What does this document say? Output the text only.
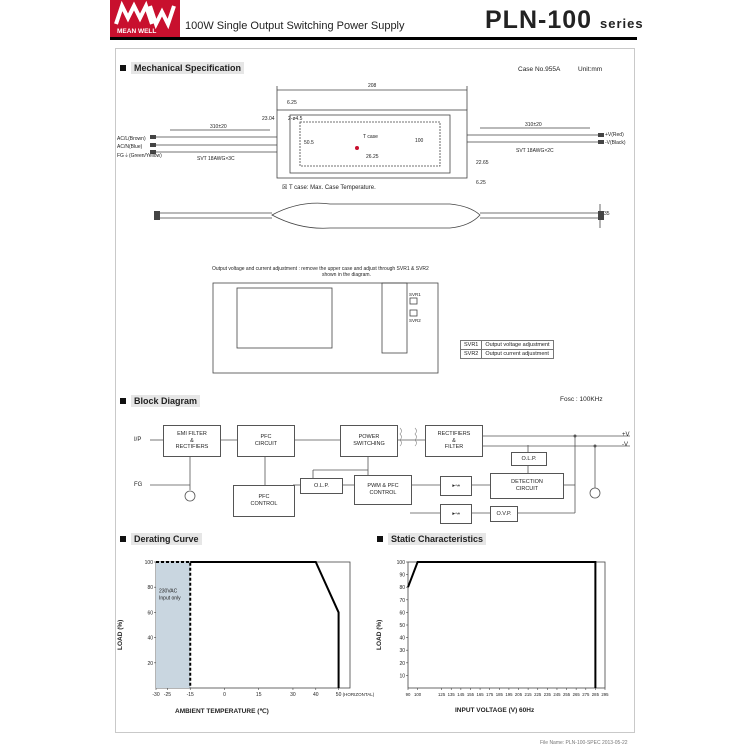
MEAN WELL	100W Single Output Switching Power Supply	PLN-100 series
Mechanical Specification	Case No.955A	Unit:mm
AC/L(Brown)
AC/N(Blue)
FG⏚(Green/Yellow)
+V(Red)
-V(Black)
SVT 18AWG×3C
SVT 18AWG×2C
310±20	310±20
208
6.25
23.04	2-ø4.5
50.5	100
26.25
6.25
22.65
35
T case
☒ T case: Max. Case Temperature.
Output voltage and current adjustment : remove the upper case and adjust through SVR1 & SVR2
shown in the diagram.
SVR1
SVR2
SVR1	Output voltage adjustment
SVR2	Output current adjustment
Block Diagram	Fosc : 100KHz
I/P
FG
EMI FILTER
&
RECTIFIERS
PFC
CIRCUIT
POWER
SWITCHING
RECTIFIERS
&
FILTER
PFC
CONTROL
O.L.P.	PWM & PFC
CONTROL
O.L.P.
DETECTION
CIRCUIT
O.V.P.
▸↝
▸↝
+V
-V
Derating Curve
230VAC
Input only
-30 -25	-15	0	15	30	40	50 (HORIZONTAL)
20
40
60
80
100
AMBIENT TEMPERATURE (℃)
LOAD (%)
Static Characteristics
90 100	125 135 145 155 165 175 185 195 205 215 225 235 245 255 265 275 285 295
10
20
30
40
50
60
70
80
90
100
INPUT VOLTAGE (V) 60Hz
LOAD (%)
File Name: PLN-100-SPEC 2013-05-22
